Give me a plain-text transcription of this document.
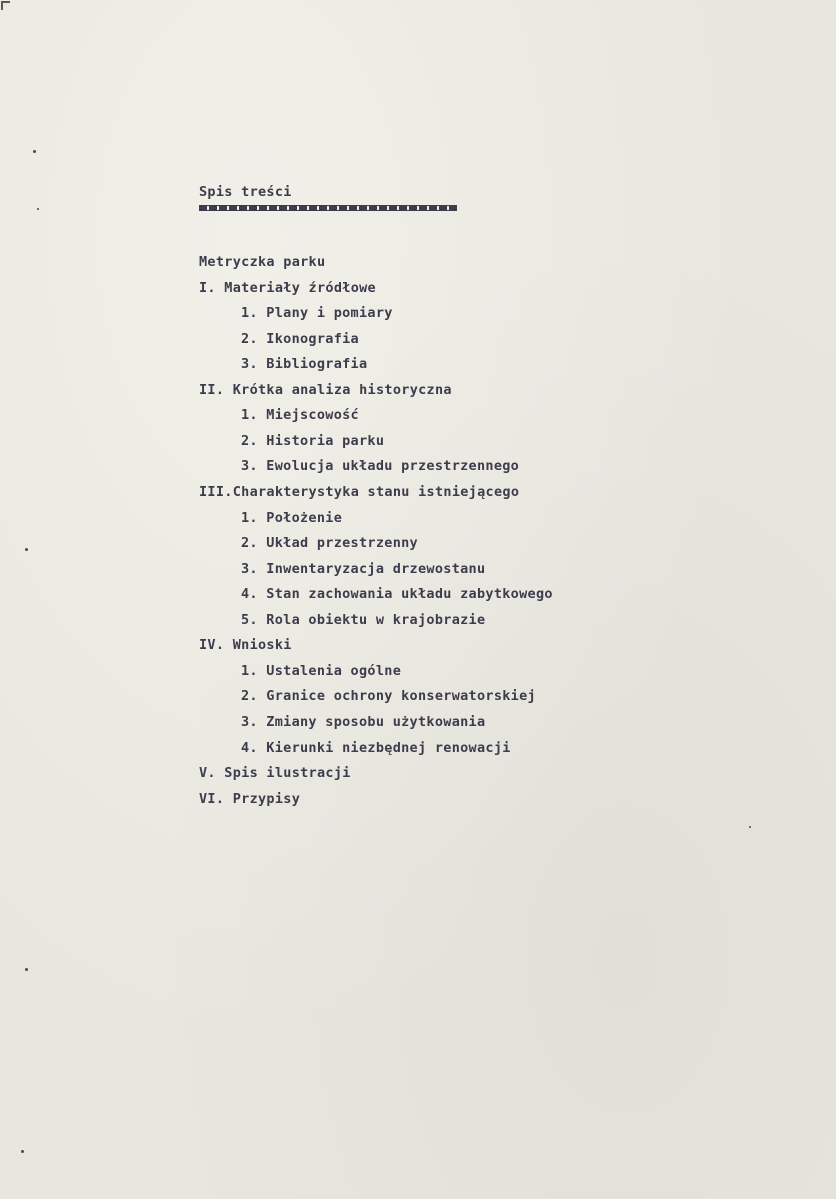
Spis treści
Metryczka parku
I. Materiały źródłowe
1. Plany i pomiary
2. Ikonografia
3. Bibliografia
II. Krótka analiza historyczna
1. Miejscowość
2. Historia parku
3. Ewolucja układu przestrzennego
III.Charakterystyka stanu istniejącego
1. Położenie
2. Układ przestrzenny
3. Inwentaryzacja drzewostanu
4. Stan zachowania układu zabytkowego
5. Rola obiektu w krajobrazie
IV. Wnioski
1. Ustalenia ogólne
2. Granice ochrony konserwatorskiej
3. Zmiany sposobu użytkowania
4. Kierunki niezbędnej renowacji
V. Spis ilustracji
VI. Przypisy
